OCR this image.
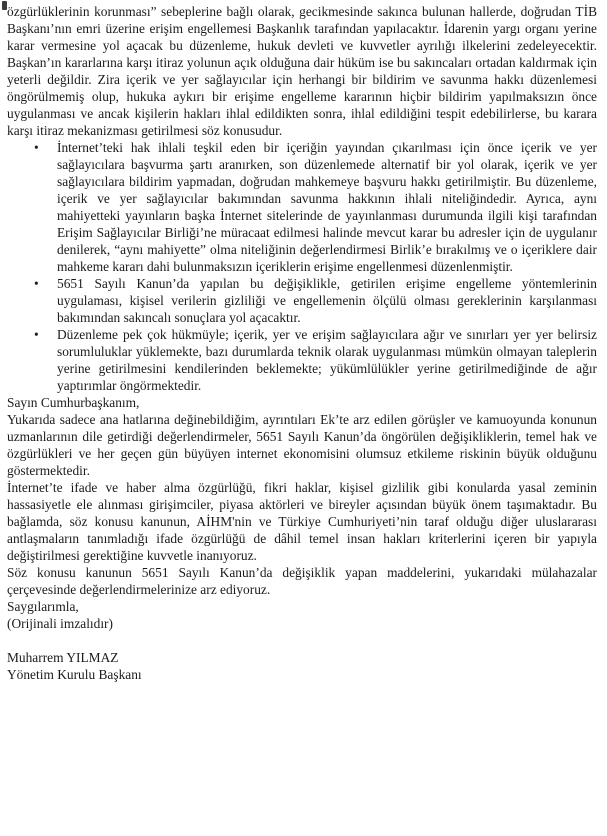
özgürlüklerinin korunması” sebeplerine bağlı olarak, gecikmesinde sakınca bulunan hallerde, doğrudan TİB Başkanı’nın emri üzerine erişim engellemesi Başkanlık tarafından yapılacaktır. İdarenin yargı organı yerine karar vermesine yol açacak bu düzenleme, hukuk devleti ve kuvvetler ayrılığı ilkelerini zedeleyecektir. Başkan’ın kararlarına karşı itiraz yolunun açık olduğuna dair hüküm ise bu sakıncaları ortadan kaldırmak için yeterli değildir. Zira içerik ve yer sağlayıcılar için herhangi bir bildirim ve savunma hakkı düzenlemesi öngörülmemiş olup, hukuka aykırı bir erişime engelleme kararının hiçbir bildirim yapılmaksızın önce uygulanması ve ancak kişilerin hakları ihlal edildikten sonra, ihlal edildiğini tespit edebilirlerse, bu karara karşı itiraz mekanizması getirilmesi söz konusudur.

•	İnternet’teki hak ihlali teşkil eden bir içeriğin yayından çıkarılması için önce içerik ve yer sağlayıcılara başvurma şartı aranırken, son düzenlemede alternatif bir yol olarak, içerik ve yer sağlayıcılara bildirim yapmadan, doğrudan mahkemeye başvuru hakkı getirilmiştir. Bu düzenleme, içerik ve yer sağlayıcılar bakımından savunma hakkının ihlali niteliğindedir. Ayrıca, aynı mahiyetteki yayınların başka İnternet sitelerinde de yayınlanması durumunda ilgili kişi tarafından Erişim Sağlayıcılar Birliği’ne müracaat edilmesi halinde mevcut karar bu adresler için de uygulanır denilerek, “aynı mahiyette” olma niteliğinin değerlendirmesi Birlik’e bırakılmış ve o içeriklere dair mahkeme kararı dahi bulunmaksızın içeriklerin erişime engellenmesi düzenlenmiştir.

•	5651 Sayılı Kanun’da yapılan bu değişiklikle, getirilen erişime engelleme yöntemlerinin uygulaması, kişisel verilerin gizliliği ve engellemenin ölçülü olması gereklerinin karşılanması bakımından sakıncalı sonuçlara yol açacaktır.

•	Düzenleme pek çok hükmüyle; içerik, yer ve erişim sağlayıcılara ağır ve sınırları yer yer belirsiz sorumluluklar yüklemekte, bazı durumlarda teknik olarak uygulanması mümkün olmayan taleplerin yerine getirilmesini kendilerinden beklemekte; yükümlülükler yerine getirilmediğinde de ağır yaptırımlar öngörmektedir.

Sayın Cumhurbaşkanım,

Yukarıda sadece ana hatlarına değinebildiğim, ayrıntıları Ek’te arz edilen görüşler ve kamuoyunda konunun uzmanlarının dile getirdiği değerlendirmeler, 5651 Sayılı Kanun’da öngörülen değişikliklerin, temel hak ve özgürlükleri ve her geçen gün büyüyen internet ekonomisini olumsuz etkileme riskinin büyük olduğunu göstermektedir.

İnternet’te ifade ve haber alma özgürlüğü, fikri haklar, kişisel gizlilik gibi konularda yasal zeminin hassasiyetle ele alınması girişimciler, piyasa aktörleri ve bireyler açısından büyük önem taşımaktadır. Bu bağlamda, söz konusu kanunun, AİHM'nin ve Türkiye Cumhuriyeti’nin taraf olduğu diğer uluslararası antlaşmaların tanımladığı ifade özgürlüğü de dâhil temel insan hakları kriterlerini içeren bir yapıyla değiştirilmesi gerektiğine kuvvetle inanıyoruz.

Söz konusu kanunun 5651 Sayılı Kanun’da değişiklik yapan maddelerini, yukarıdaki mülahazalar çerçevesinde değerlendirmelerinize arz ediyoruz.

Saygılarımla,

(Orijinali imzalıdır)

Muharrem YILMAZ

Yönetim Kurulu Başkanı
